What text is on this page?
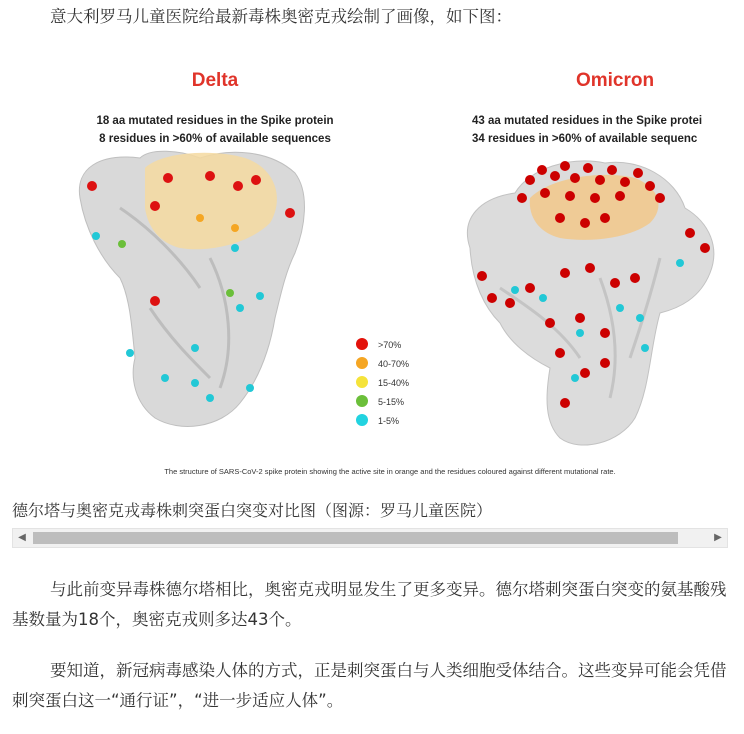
意大利罗马儿童医院给最新毒株奥密克戎绘制了画像，如下图：
Delta	Omicron
18 aa mutated residues in the Spike protein
8 residues in >60% of available sequences
43 aa mutated residues in the Spike protei
34 residues in >60% of available sequenc
>70%
40-70%
15-40%
5-15%
1-5%
The structure of SARS-CoV-2 spike protein showing the active site in orange and the residues coloured against different mutational rate.
德尔塔与奥密克戎毒株刺突蛋白突变对比图（图源：罗马儿童医院）
◀	▶
与此前变异毒株德尔塔相比，奥密克戎明显发生了更多变异。德尔塔刺突蛋白突变的氨基酸残基数量为18个，奥密克戎则多达43个。
要知道，新冠病毒感染人体的方式，正是刺突蛋白与人类细胞受体结合。这些变异可能会凭借刺突蛋白这一“通行证”，“进一步适应人体”。
